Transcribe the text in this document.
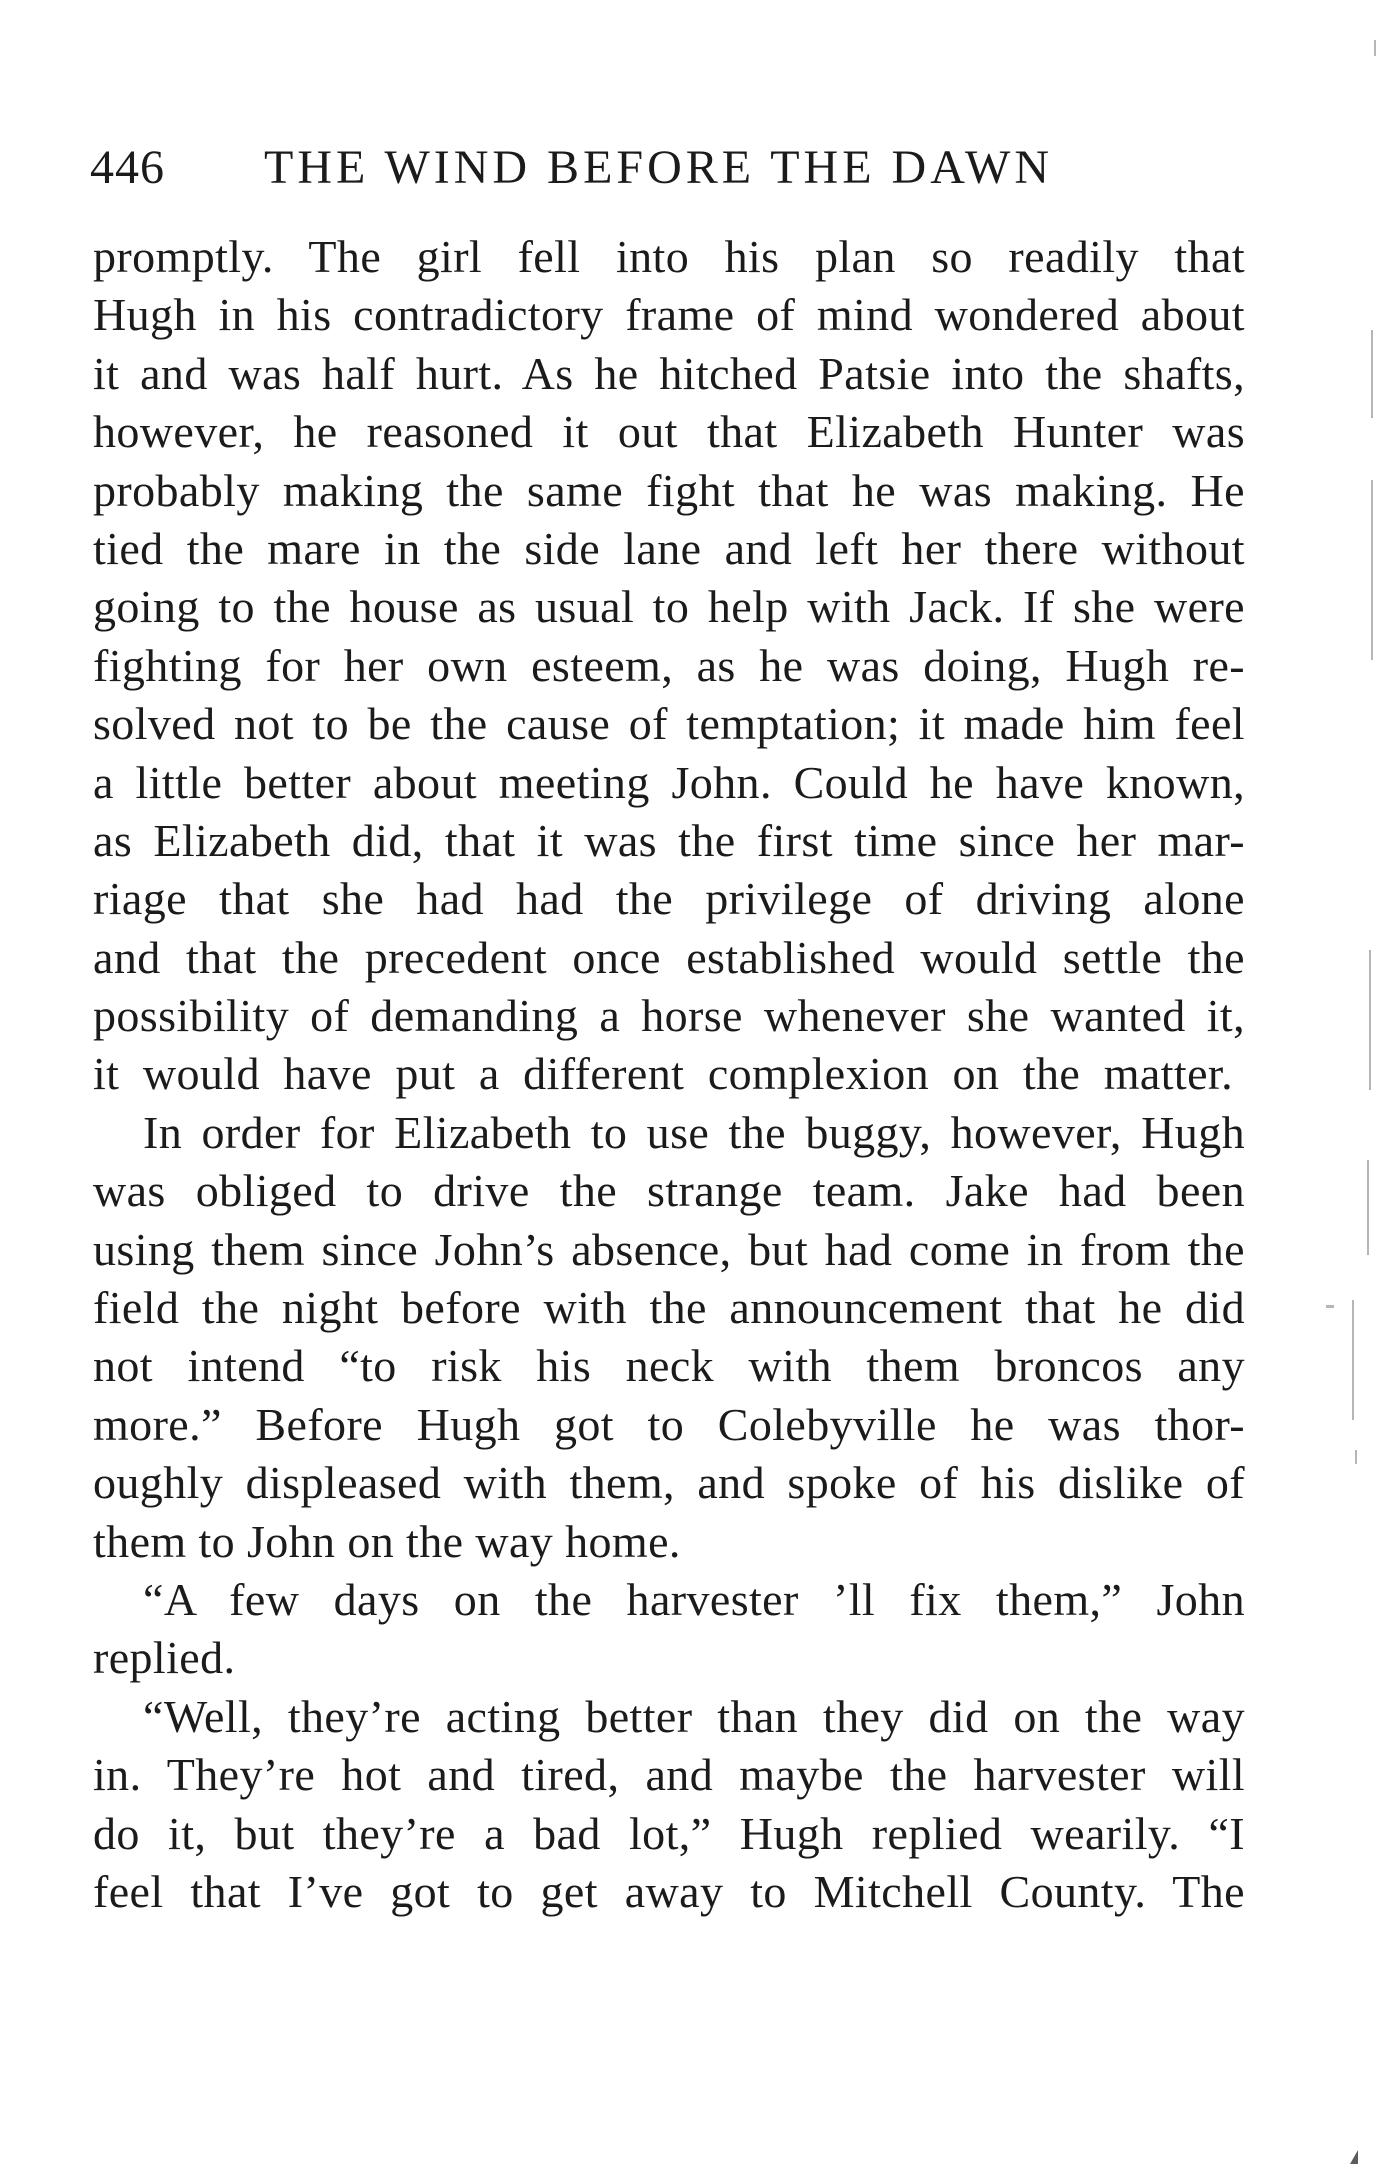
446 THE WIND BEFORE THE DAWN
promptly. The girl fell into his plan so readily that
Hugh in his contradictory frame of mind wondered about
it and was half hurt. As he hitched Patsie into the shafts,
however, he reasoned it out that Elizabeth Hunter was
probably making the same fight that he was making. He
tied the mare in the side lane and left her there without
going to the house as usual to help with Jack. If she were
fighting for her own esteem, as he was doing, Hugh re-
solved not to be the cause of temptation; it made him feel
a little better about meeting John. Could he have known,
as Elizabeth did, that it was the first time since her mar-
riage that she had had the privilege of driving alone
and that the precedent once established would settle the
possibility of demanding a horse whenever she wanted it,
it would have put a different complexion on the matter.
In order for Elizabeth to use the buggy, however, Hugh
was obliged to drive the strange team. Jake had been
using them since John’s absence, but had come in from the
field the night before with the announcement that he did
not intend “to risk his neck with them broncos any
more.” Before Hugh got to Colebyville he was thor-
oughly displeased with them, and spoke of his dislike of
them to John on the way home.
“A few days on the harvester ’ll fix them,” John
replied.
“Well, they’re acting better than they did on the way
in. They’re hot and tired, and maybe the harvester will
do it, but they’re a bad lot,” Hugh replied wearily. “I
feel that I’ve got to get away to Mitchell County. The
